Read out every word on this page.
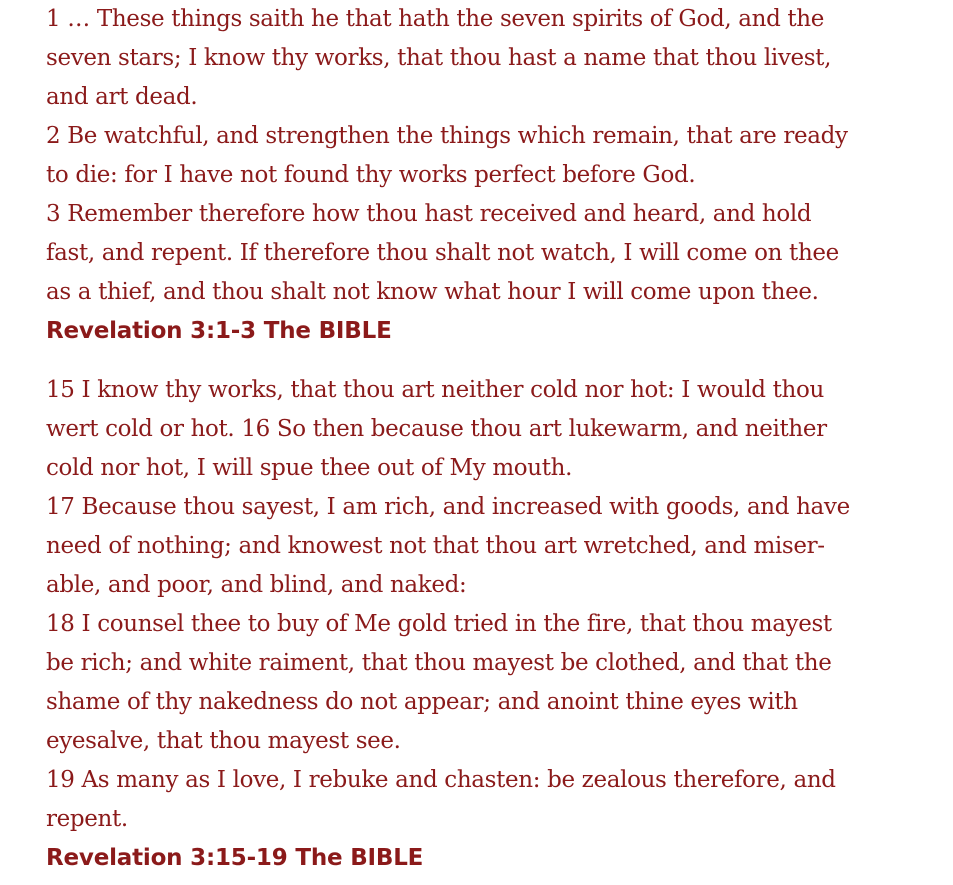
1 … These things saith he that hath the seven spirits of God, and the
seven stars; I know thy works, that thou hast a name that thou livest,
and art dead.
2 Be watchful, and strengthen the things which remain, that are ready
to die: for I have not found thy works perfect before God.
3 Remember therefore how thou hast received and heard, and hold
fast, and repent. If therefore thou shalt not watch, I will come on thee
as a thief, and thou shalt not know what hour I will come upon thee.
Revelation 3:1-3 The BIBLE
15 I know thy works, that thou art neither cold nor hot: I would thou
wert cold or hot. 16 So then because thou art lukewarm, and neither
cold nor hot, I will spue thee out of My mouth.
17 Because thou sayest, I am rich, and increased with goods, and have
need of nothing; and knowest not that thou art wretched, and miser-
able, and poor, and blind, and naked:
18 I counsel thee to buy of Me gold tried in the fire, that thou mayest
be rich; and white raiment, that thou mayest be clothed, and that the
shame of thy nakedness do not appear; and anoint thine eyes with
eyesalve, that thou mayest see.
19 As many as I love, I rebuke and chasten: be zealous therefore, and
repent.
Revelation 3:15-19 The BIBLE
